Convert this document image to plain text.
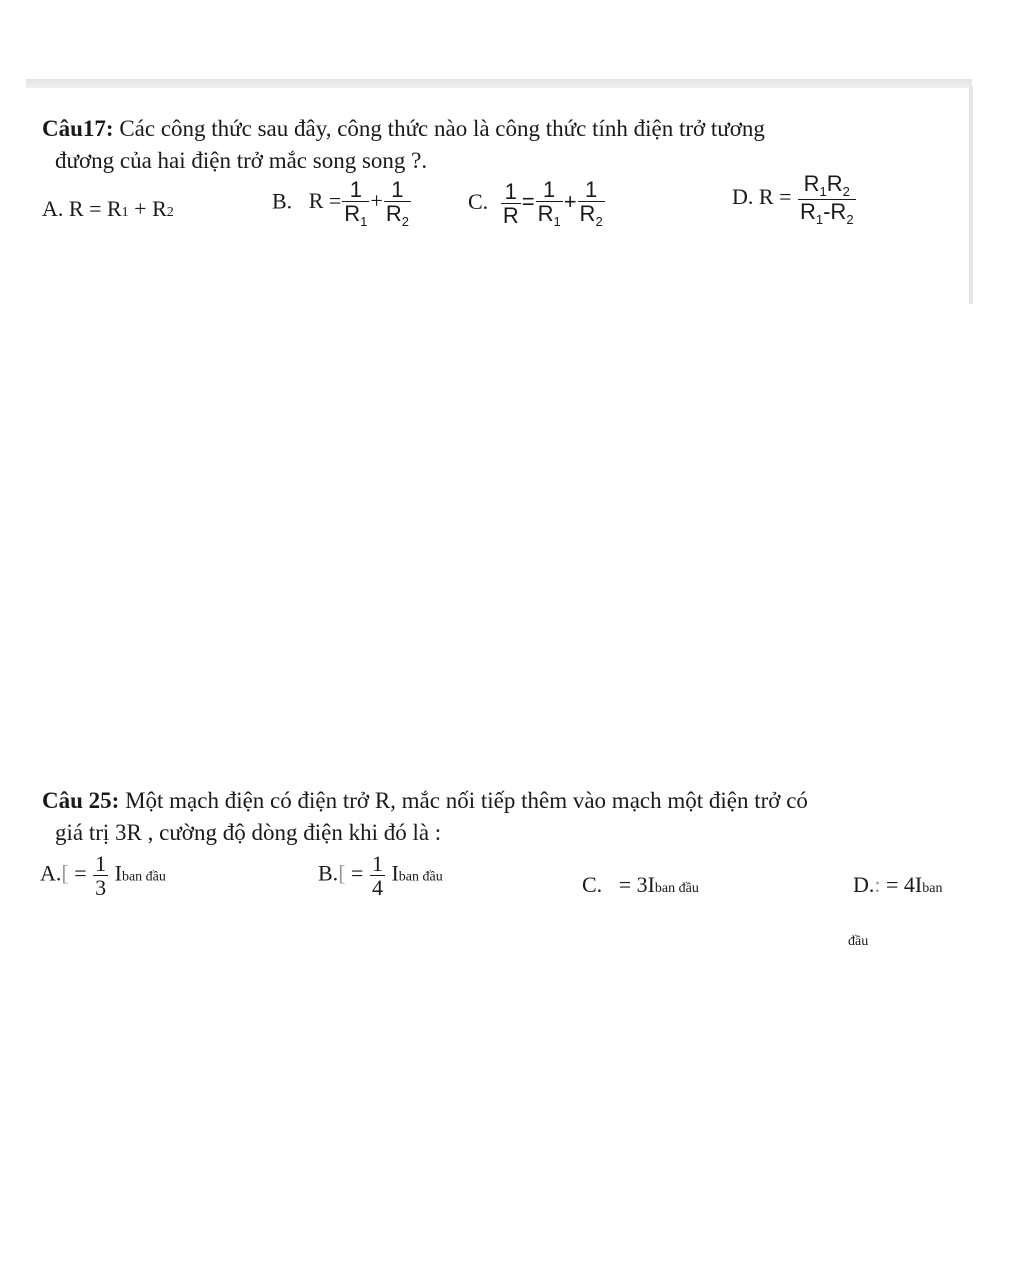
Câu17: Các công thức sau đây, công thức nào là công thức tính điện trở tương
đương của hai điện trở mắc song song ?.
A. R = R1 + R2	B.   $R = \frac{1}{R_1} + \frac{1}{R_2}$	C. $\frac{1}{R} = \frac{1}{R_1} + \frac{1}{R_2}$	D. $R = \frac{R_1R_2}{R_1-R_2}$
Câu 25: Một mạch điện có điện trở R, mắc nối tiếp thêm vào mạch một điện trở có
giá trị 3R , cường độ dòng điện khi đó là :
$A.[ = \frac{1}{3}$ Iban đầu	$B.[ = \frac{1}{4}$ Iban đầu	C.   = 3Iban đầu	D.: = 4Iban
đầu
